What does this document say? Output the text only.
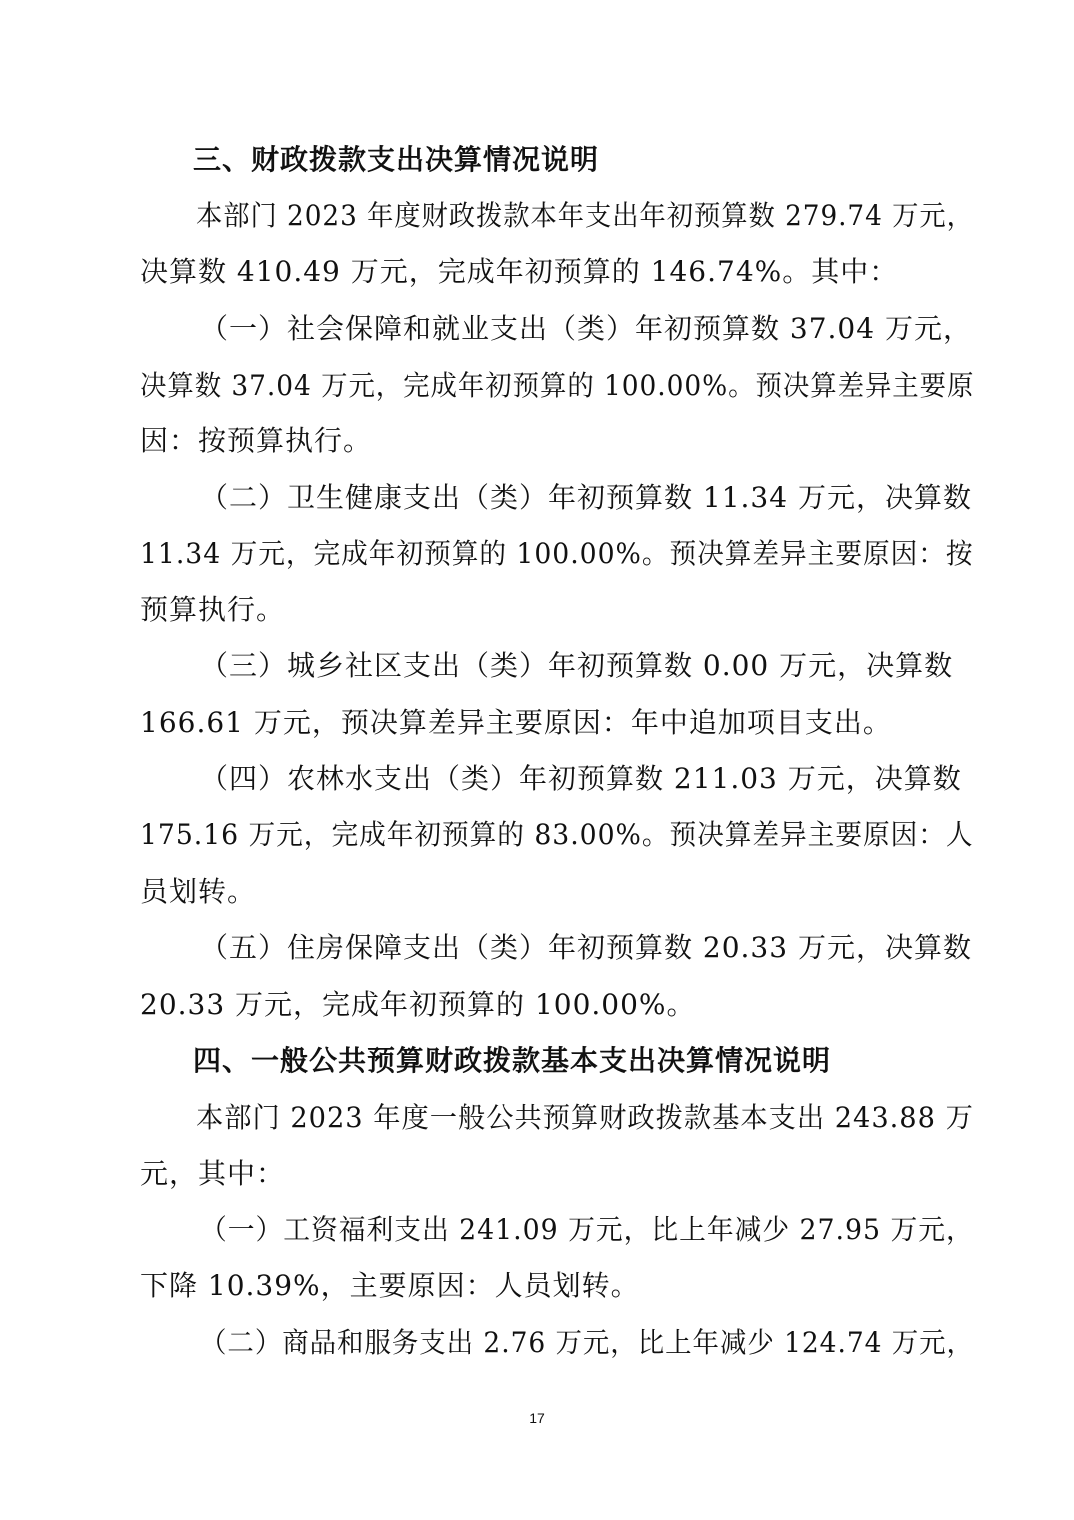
三、财政拨款支出决算情况说明
本部门 2023 年度财政拨款本年支出年初预算数 279.74 万元，
决算数 410.49 万元，完成年初预算的 146.74%。其中：
（一）社会保障和就业支出（类）年初预算数 37.04 万元，
决算数 37.04 万元，完成年初预算的 100.00%。预决算差异主要原
因：按预算执行。
（二）卫生健康支出（类）年初预算数 11.34 万元，决算数
11.34 万元，完成年初预算的 100.00%。预决算差异主要原因：按
预算执行。
（三）城乡社区支出（类）年初预算数 0.00 万元，决算数
166.61 万元，预决算差异主要原因：年中追加项目支出。
（四）农林水支出（类）年初预算数 211.03 万元，决算数
175.16 万元，完成年初预算的 83.00%。预决算差异主要原因：人
员划转。
（五）住房保障支出（类）年初预算数 20.33 万元，决算数
20.33 万元，完成年初预算的 100.00%。
四、一般公共预算财政拨款基本支出决算情况说明
本部门 2023 年度一般公共预算财政拨款基本支出 243.88 万
元，其中：
（一）工资福利支出 241.09 万元，比上年减少 27.95 万元，
下降 10.39%，主要原因：人员划转。
（二）商品和服务支出 2.76 万元，比上年减少 124.74 万元，
17
